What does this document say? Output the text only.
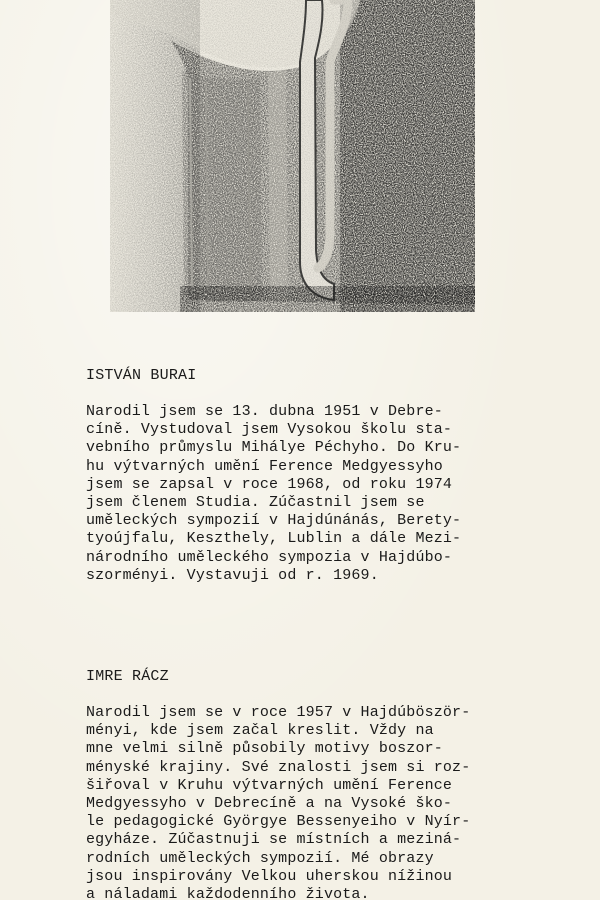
ISTVÁN BURAI
Narodil jsem se 13. dubna 1951 v Debre-
cíně. Vystudoval jsem Vysokou školu sta-
vebního průmyslu Mihálye Péchyho. Do Kru-
hu výtvarných umění Ference Medgyessyho
jsem se zapsal v roce 1968, od roku 1974
jsem členem Studia. Zúčastnil jsem se
uměleckých sympozií v Hajdúnánás, Berety-
tyoújfalu, Keszthely, Lublin a dále Mezi-
národního uměleckého sympozia v Hajdúbo-
szorményi. Vystavuji od r. 1969.
IMRE RÁCZ
Narodil jsem se v roce 1957 v Hajdúböször-
ményi, kde jsem začal kreslit. Vždy na
mne velmi silně působily motivy boszor-
ményské krajiny. Své znalosti jsem si roz-
šiřoval v Kruhu výtvarných umění Ference
Medgyessyho v Debrecíně a na Vysoké ško-
le pedagogické Györgye Bessenyeiho v Nyír-
egyháze. Zúčastnuji se místních a meziná-
rodních uměleckých sympozií. Mé obrazy
jsou inspirovány Velkou uherskou nížinou
a náladami každodenního života.
